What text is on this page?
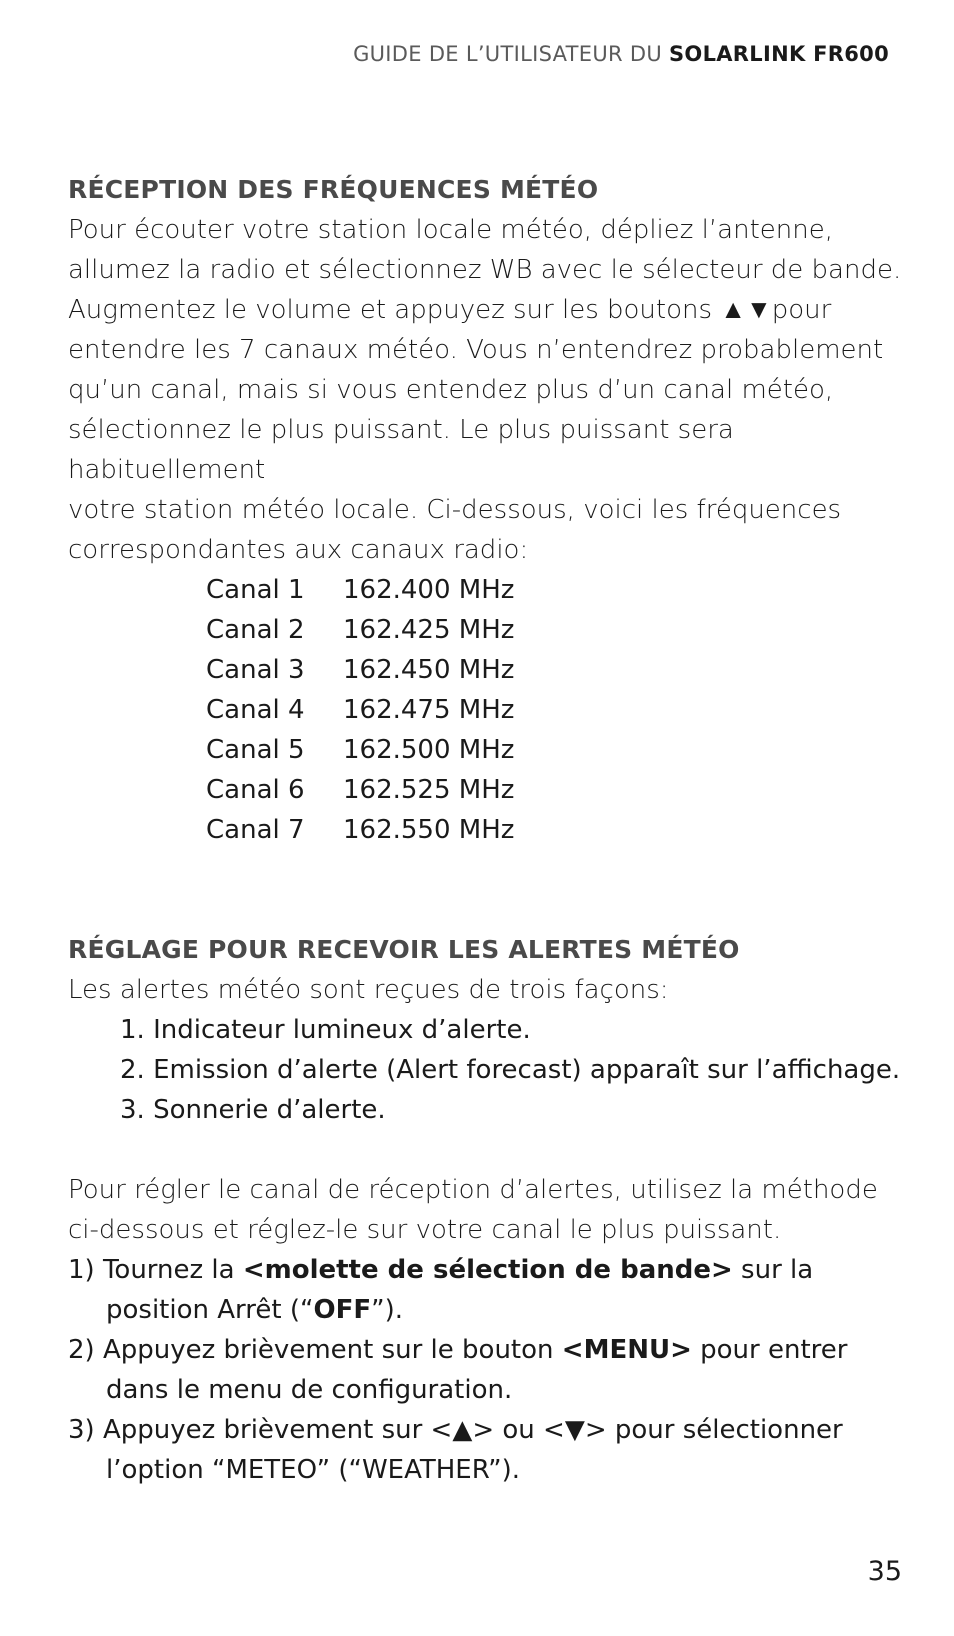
GUIDE DE L’UTILISATEUR DU SOLARLINK FR600
RÉCEPTION DES FRÉQUENCES MÉTÉO
Pour écouter votre station locale météo, dépliez l’antenne,
allumez la radio et sélectionnez WB avec le sélecteur de bande.
Augmentez le volume et appuyez sur les boutons ▲▼pour
entendre les 7 canaux météo. Vous n’entendrez probablement
qu’un canal, mais si vous entendez plus d’un canal météo,
sélectionnez le plus puissant. Le plus puissant sera habituellement
votre station météo locale. Ci-dessous, voici les fréquences
correspondantes aux canaux radio:
Canal 1	162.400 MHz
Canal 2	162.425 MHz
Canal 3	162.450 MHz
Canal 4	162.475 MHz
Canal 5	162.500 MHz
Canal 6	162.525 MHz
Canal 7	162.550 MHz
RÉGLAGE POUR RECEVOIR LES ALERTES MÉTÉO
Les alertes météo sont reçues de trois façons:
1. Indicateur lumineux d’alerte.
2. Emission d’alerte (Alert forecast) apparaît sur l’affichage.
3. Sonnerie d’alerte.
Pour régler le canal de réception d’alertes, utilisez la méthode
ci-dessous et réglez-le sur votre canal le plus puissant.
1) Tournez la <molette de sélection de bande> sur la
position Arrêt (“OFF”).
2) Appuyez brièvement sur le bouton <MENU> pour entrer
dans le menu de configuration.
3) Appuyez brièvement sur <▲> ou <▼> pour sélectionner
l’option “METEO” (“WEATHER”).
35
